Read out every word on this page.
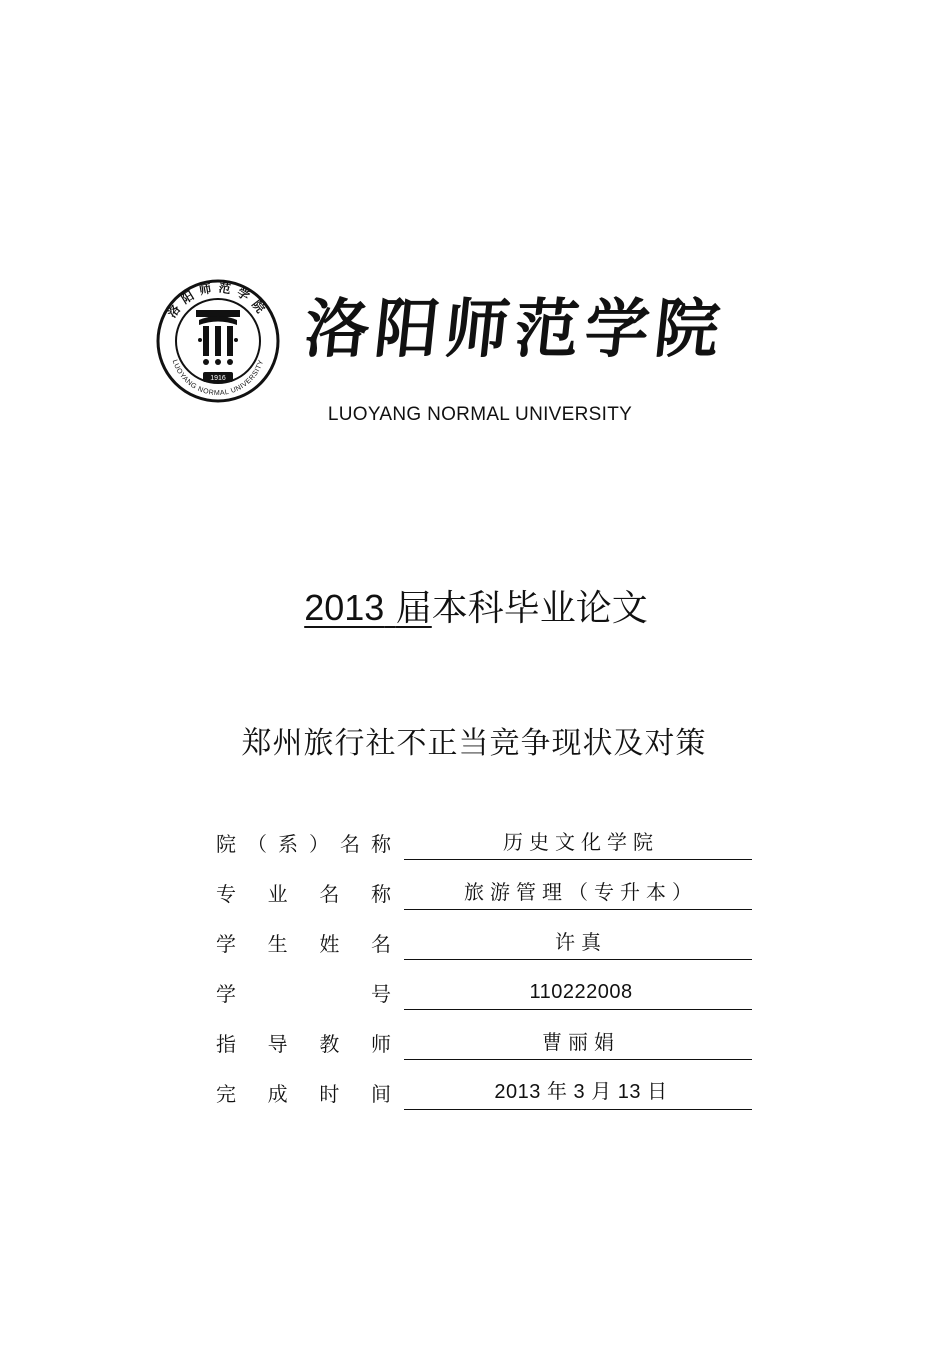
洛阳师范学院
LUOYANG NORMAL UNIVERSITY
1916
洛阳师范学院
LUOYANG NORMAL UNIVERSITY
2013 届本科毕业论文
郑州旅行社不正当竞争现状及对策
院 （ 系 ） 名 称	历史文化学院
专 业 名 称	旅游管理（专升本）
学 生 姓 名	许真
学	号	110222008
指 导 教 师	曹丽娟
完 成 时 间	2013 年 3 月 13 日
